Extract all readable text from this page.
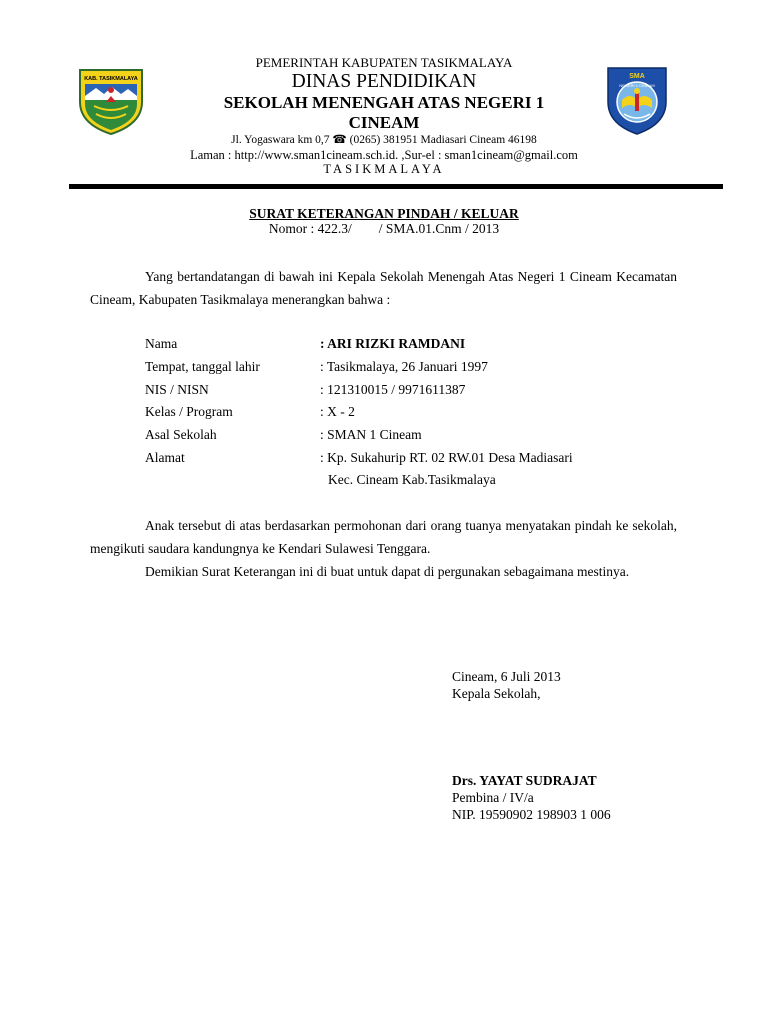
KAB. TASIKMALAYA

PEMERINTAH KABUPATEN TASIKMALAYA

DINAS PENDIDIKAN

SEKOLAH MENENGAH ATAS NEGERI 1

CINEAM

Jl. Yogaswara km 0,7 ☎ (0265) 381951 Madiasari Cineam 46198

Laman : http://www.sman1cineam.sch.id. ,Sur-el : sman1cineam@gmail.com

TASIKMALAYA

SMA
NEGERI 1 CINEAM
SURAT KETERANGAN PINDAH / KELUAR
Nomor : 422.3/        / SMA.01.Cnm / 2013

Yang bertandatangan di bawah ini Kepala Sekolah Menengah Atas Negeri 1 Cineam Kecamatan Cineam, Kabupaten Tasikmalaya menerangkan bahwa :

Nama	: ARI RIZKI RAMDANI
Tempat, tanggal lahir	: Tasikmalaya, 26 Januari 1997
NIS / NISN	: 121310015 / 9971611387
Kelas / Program	: X - 2
Asal Sekolah	: SMAN 1 Cineam
Alamat	: Kp. Sukahurip RT. 02 RW.01 Desa Madiasari
Kec. Cineam Kab.Tasikmalaya

Anak tersebut di atas berdasarkan permohonan dari orang tuanya menyatakan pindah ke sekolah, mengikuti saudara kandungnya ke Kendari Sulawesi Tenggara.

Demikian Surat Keterangan ini di buat untuk dapat di pergunakan sebagaimana mestinya.

Cineam, 6 Juli 2013
Kepala Sekolah,
Drs. YAYAT SUDRAJAT
Pembina / IV/a
NIP. 19590902 198903 1 006
